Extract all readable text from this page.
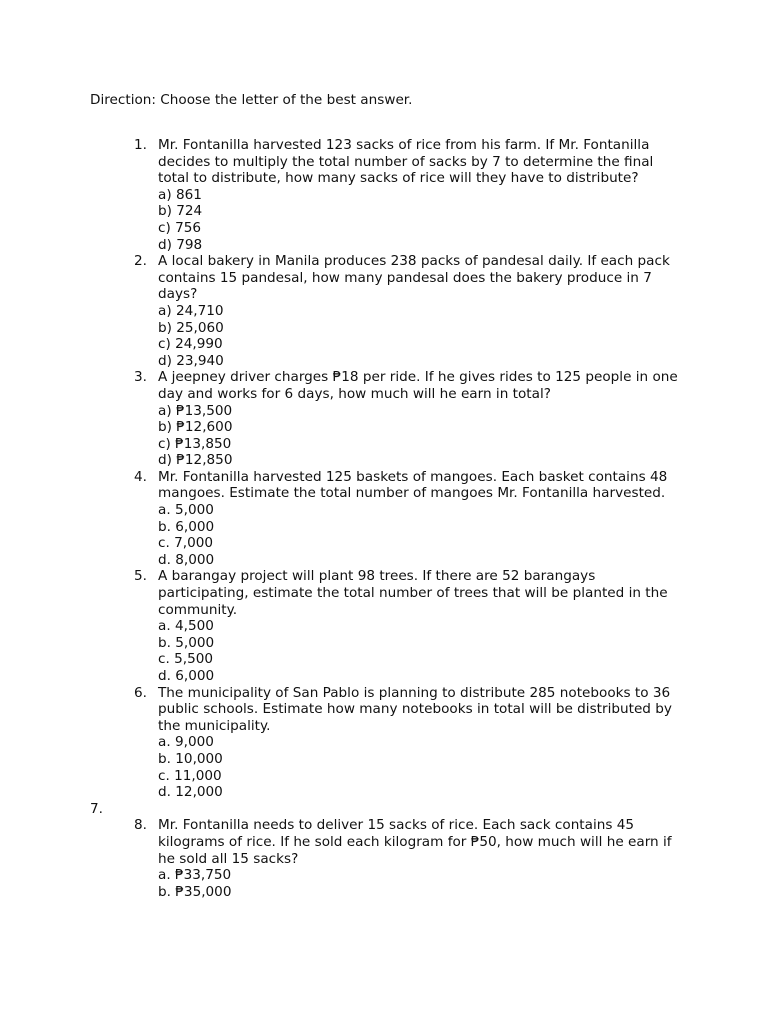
Direction: Choose the letter of the best answer.
1. Mr. Fontanilla harvested 123 sacks of rice from his farm. If Mr. Fontanilla decides to multiply the total number of sacks by 7 to determine the final total to distribute, how many sacks of rice will they have to distribute?
a) 861
b) 724
c) 756
d) 798
2. A local bakery in Manila produces 238 packs of pandesal daily. If each pack contains 15 pandesal, how many pandesal does the bakery produce in 7 days?
a) 24,710
b) 25,060
c) 24,990
d) 23,940
3. A jeepney driver charges ₱18 per ride. If he gives rides to 125 people in one day and works for 6 days, how much will he earn in total?
a) ₱13,500
b) ₱12,600
c) ₱13,850
d) ₱12,850
4. Mr. Fontanilla harvested 125 baskets of mangoes. Each basket contains 48 mangoes. Estimate the total number of mangoes Mr. Fontanilla harvested.
a. 5,000
b. 6,000
c. 7,000
d. 8,000
5. A barangay project will plant 98 trees. If there are 52 barangays participating, estimate the total number of trees that will be planted in the community.
a. 4,500
b. 5,000
c. 5,500
d. 6,000
6. The municipality of San Pablo is planning to distribute 285 notebooks to 36 public schools. Estimate how many notebooks in total will be distributed by the municipality.
a. 9,000
b. 10,000
c. 11,000
d. 12,000
7.
8. Mr. Fontanilla needs to deliver 15 sacks of rice. Each sack contains 45 kilograms of rice. If he sold each kilogram for ₱50, how much will he earn if he sold all 15 sacks?
a. ₱33,750
b. ₱35,000
